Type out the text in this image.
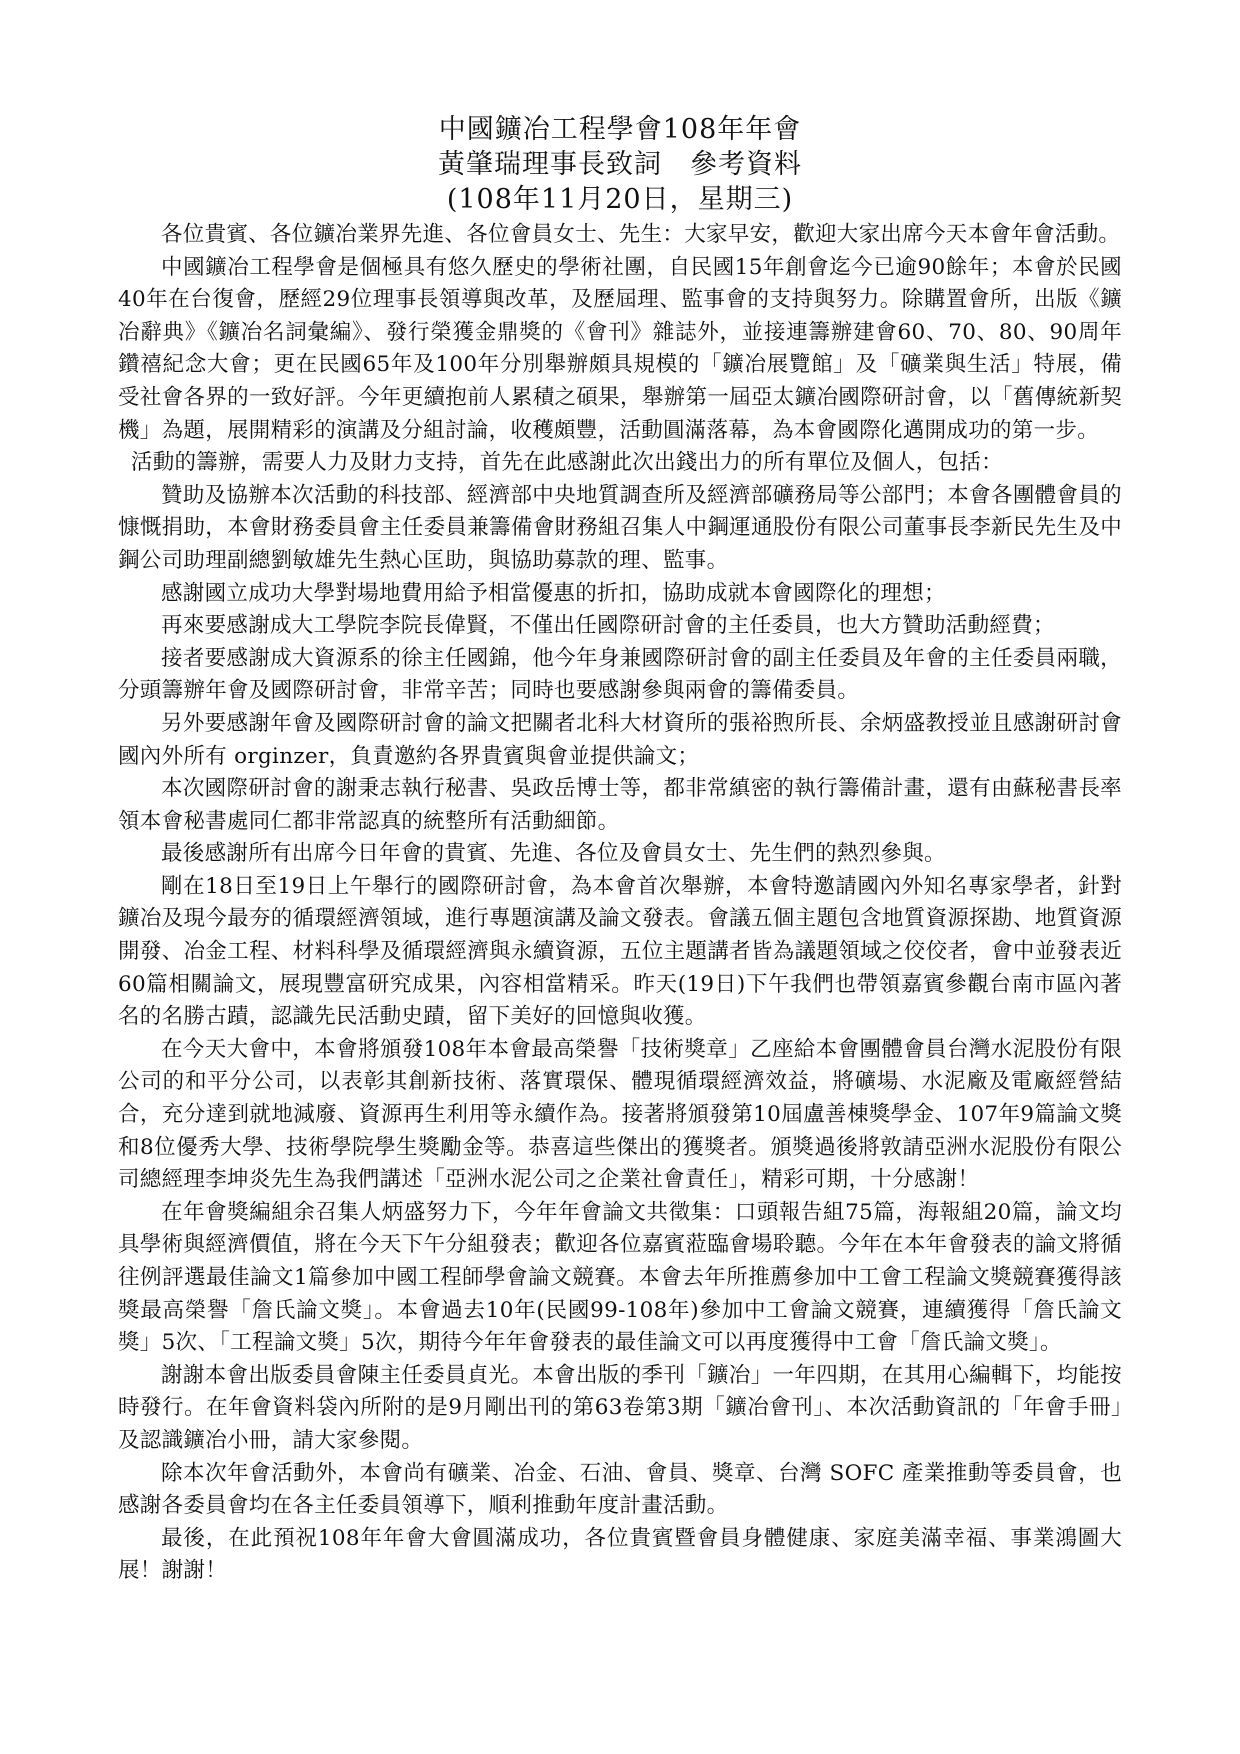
中國鑛冶工程學會108年年會

黃肇瑞理事長致詞　參考資料

(108年11月20日，星期三)

各位貴賓、各位鑛冶業界先進、各位會員女士、先生：大家早安，歡迎大家出席今天本會年會活動。

中國鑛冶工程學會是個極具有悠久歷史的學術社團，自民國15年創會迄今已逾90餘年；本會於民國40年在台復會，歷經29位理事長領導與改革，及歷屆理、監事會的支持與努力。除購置會所，出版《鑛冶辭典》《鑛冶名詞彙編》、發行榮獲金鼎獎的《會刊》雜誌外，並接連籌辦建會60、70、80、90周年鑽禧紀念大會；更在民國65年及100年分別舉辦頗具規模的「鑛冶展覽館」及「礦業與生活」特展，備受社會各界的一致好評。今年更續抱前人累積之碩果，舉辦第一屆亞太鑛冶國際研討會，以「舊傳統新契機」為題，展開精彩的演講及分組討論，收穫頗豐，活動圓滿落幕，為本會國際化邁開成功的第一步。

活動的籌辦，需要人力及財力支持，首先在此感謝此次出錢出力的所有單位及個人，包括：

贊助及協辦本次活動的科技部、經濟部中央地質調查所及經濟部礦務局等公部門；本會各團體會員的慷慨捐助，本會財務委員會主任委員兼籌備會財務組召集人中鋼運通股份有限公司董事長李新民先生及中鋼公司助理副總劉敏雄先生熱心匡助，與協助募款的理、監事。

感謝國立成功大學對場地費用給予相當優惠的折扣，協助成就本會國際化的理想；

再來要感謝成大工學院李院長偉賢，不僅出任國際研討會的主任委員，也大方贊助活動經費；

接者要感謝成大資源系的徐主任國錦，他今年身兼國際研討會的副主任委員及年會的主任委員兩職，分頭籌辦年會及國際研討會，非常辛苦；同時也要感謝參與兩會的籌備委員。

另外要感謝年會及國際研討會的論文把關者北科大材資所的張裕煦所長、余炳盛教授並且感謝研討會國內外所有 orginzer，負責邀約各界貴賓與會並提供論文；

本次國際研討會的謝秉志執行秘書、吳政岳博士等，都非常縝密的執行籌備計畫，還有由蘇秘書長率領本會秘書處同仁都非常認真的統整所有活動細節。

最後感謝所有出席今日年會的貴賓、先進、各位及會員女士、先生們的熱烈參與。

剛在18日至19日上午舉行的國際研討會，為本會首次舉辦，本會特邀請國內外知名專家學者，針對鑛冶及現今最夯的循環經濟領域，進行專題演講及論文發表。會議五個主題包含地質資源探勘、地質資源開發、冶金工程、材料科學及循環經濟與永續資源，五位主題講者皆為議題領域之佼佼者，會中並發表近60篇相關論文，展現豐富研究成果，內容相當精采。昨天(19日)下午我們也帶領嘉賓參觀台南市區內著名的名勝古蹟，認識先民活動史蹟，留下美好的回憶與收獲。

在今天大會中，本會將頒發108年本會最高榮譽「技術獎章」乙座給本會團體會員台灣水泥股份有限公司的和平分公司，以表彰其創新技術、落實環保、體現循環經濟效益，將礦場、水泥廠及電廠經營結合，充分達到就地減廢、資源再生利用等永續作為。接著將頒發第10屆盧善棟獎學金、107年9篇論文獎和8位優秀大學、技術學院學生獎勵金等。恭喜這些傑出的獲獎者。頒獎過後將敦請亞洲水泥股份有限公司總經理李坤炎先生為我們講述「亞洲水泥公司之企業社會責任」，精彩可期，十分感謝！

在年會獎編組余召集人炳盛努力下，今年年會論文共徵集：口頭報告組75篇，海報組20篇，論文均具學術與經濟價值，將在今天下午分組發表；歡迎各位嘉賓蒞臨會場聆聽。今年在本年會發表的論文將循往例評選最佳論文1篇參加中國工程師學會論文競賽。本會去年所推薦參加中工會工程論文獎競賽獲得該獎最高榮譽「詹氏論文獎」。本會過去10年(民國99-108年)參加中工會論文競賽，連續獲得「詹氏論文獎」5次、「工程論文獎」5次，期待今年年會發表的最佳論文可以再度獲得中工會「詹氏論文獎」。

謝謝本會出版委員會陳主任委員貞光。本會出版的季刊「鑛冶」一年四期，在其用心編輯下，均能按時發行。在年會資料袋內所附的是9月剛出刊的第63卷第3期「鑛冶會刊」、本次活動資訊的「年會手冊」及認識鑛冶小冊，請大家參閱。

除本次年會活動外，本會尚有礦業、冶金、石油、會員、獎章、台灣 SOFC 產業推動等委員會，也感謝各委員會均在各主任委員領導下，順利推動年度計畫活動。

最後，在此預祝108年年會大會圓滿成功，各位貴賓暨會員身體健康、家庭美滿幸福、事業鴻圖大展！謝謝！
